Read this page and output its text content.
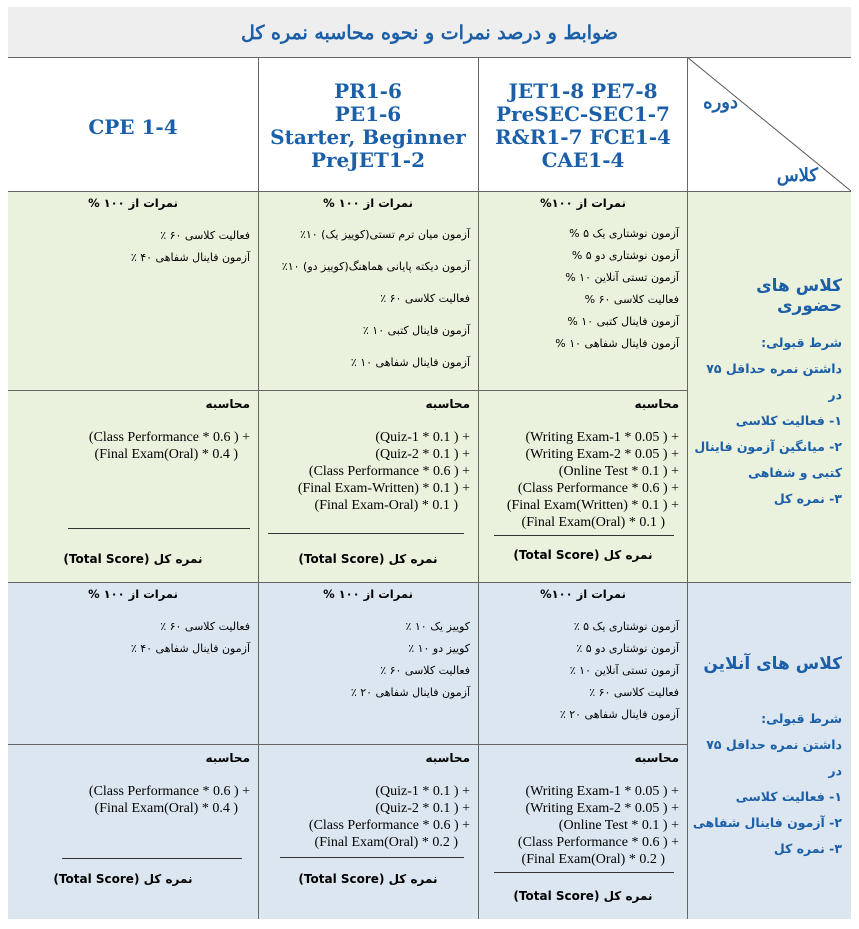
ضوابط و درصد نمرات و نحوه محاسبه نمره کل
JET1-8 PE7-8
PreSEC-SEC1-7
R&R1-7 FCE1-4
CAE1-4
PR1-6
PE1-6
Starter, Beginner
PreJET1-2
CPE 1-4
دوره
کلاس
نمرات از ۱۰۰%
آزمون نوشتاری یک ۵ %
آزمون نوشتاری دو ۵ %
آزمون تستی آنلاین ۱۰ %
فعالیت کلاسی ۶۰ %
آزمون فاینال کتبی ۱۰ %
آزمون فاینال شفاهی ۱۰ %
نمرات از ۱۰۰ %
آزمون میان ترم تستی(کوییز یک) ۱۰٪
آزمون دیکته پایانی هماهنگ(کوییز دو) ۱۰٪
فعالیت کلاسی ۶۰ ٪
آزمون فاینال کتبی ۱۰ ٪
آزمون فاینال شفاهی ۱۰ ٪
نمرات از ۱۰۰ %
فعالیت کلاسی ۶۰ ٪
آزمون فاینال شفاهی ۴۰ ٪
محاسبه
(Writing Exam-1 * 0.05 ) +
(Writing Exam-2 * 0.05 ) +
(Online Test * 0.1 ) +
(Class Performance * 0.6 ) +
(Final Exam(Written) * 0.1 ) +
(Final Exam(Oral) * 0.1 )
نمره کل (Total Score)
محاسبه
(Quiz-1 * 0.1 ) +
(Quiz-2 * 0.1 ) +
(Class Performance * 0.6 ) +
(Final Exam-Written) * 0.1 ) +
(Final Exam-Oral) * 0.1 )
نمره کل (Total Score)
محاسبه
(Class Performance * 0.6 ) +
(Final Exam(Oral) * 0.4 )
نمره کل (Total Score)
کلاس های حضوری
شرط قبولی:
داشتن نمره حداقل ۷۵ در
۱- فعالیت کلاسی
۲- میانگین آزمون فاینال
کتبی و شفاهی
۳- نمره کل
نمرات از ۱۰۰%
آزمون نوشتاری یک ۵ ٪
آزمون نوشتاری دو ۵ ٪
آزمون تستی آنلاین ۱۰ ٪
فعالیت کلاسی ۶۰ ٪
آزمون فاینال شفاهی ۲۰ ٪
نمرات از ۱۰۰ %
کوییز یک ۱۰ ٪
کوییز دو ۱۰ ٪
فعالیت کلاسی ۶۰ ٪
آزمون فاینال شفاهی ۲۰ ٪
نمرات از ۱۰۰ %
فعالیت کلاسی ۶۰ ٪
آزمون فاینال شفاهی ۴۰ ٪
محاسبه
(Writing Exam-1 * 0.05 ) +
(Writing Exam-2 * 0.05 ) +
(Online Test * 0.1 ) +
(Class Performance * 0.6 ) +
(Final Exam(Oral) * 0.2 )
نمره کل (Total Score)
محاسبه
(Quiz-1 * 0.1 ) +
(Quiz-2 * 0.1 ) +
(Class Performance * 0.6 ) +
(Final Exam(Oral) * 0.2 )
نمره کل (Total Score)
محاسبه
(Class Performance * 0.6 ) +
(Final Exam(Oral) * 0.4 )
نمره کل (Total Score)
کلاس های آنلاین
شرط قبولی:
داشتن نمره حداقل ۷۵ در
۱- فعالیت کلاسی
۲- آزمون فاینال شفاهی
۳- نمره کل
